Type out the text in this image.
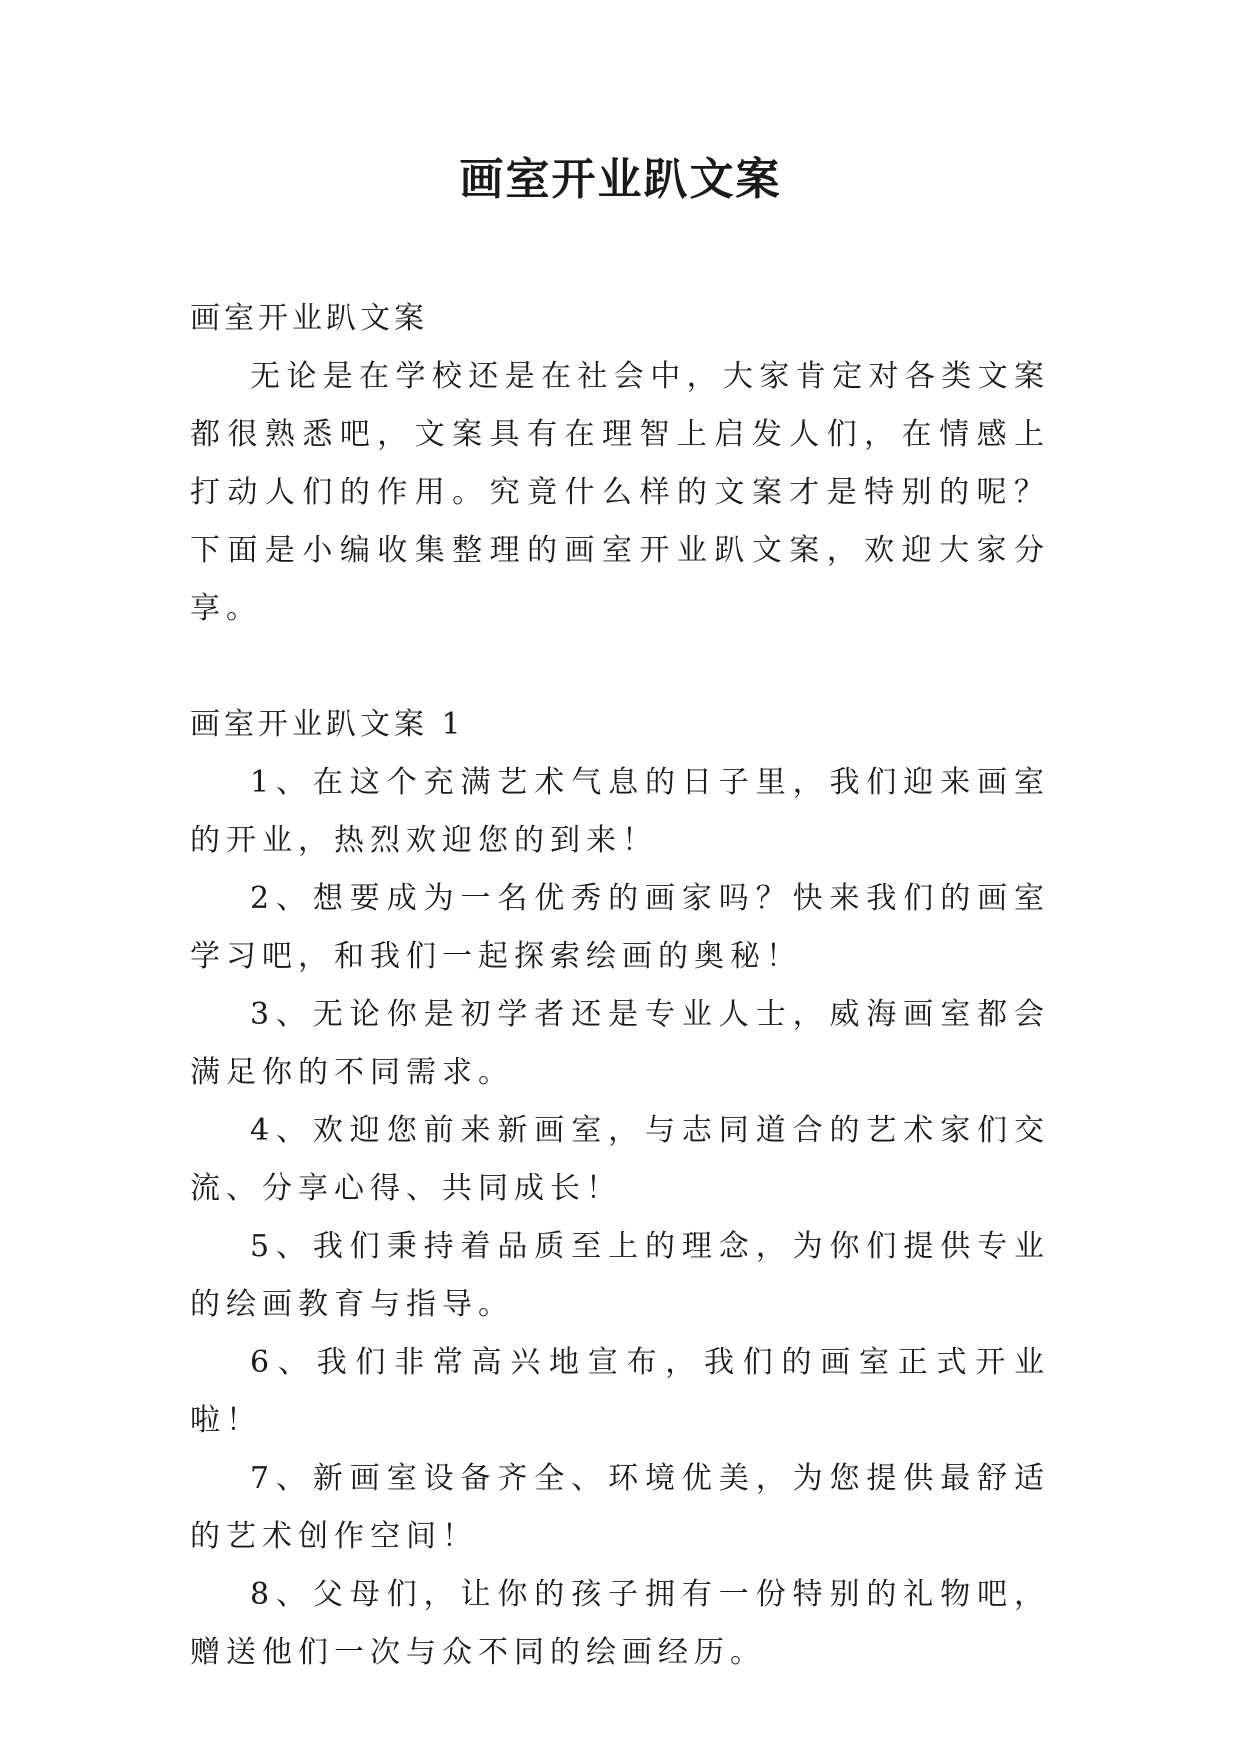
画室开业趴文案

画室开业趴文案

无论是在学校还是在社会中，大家肯定对各类文案都很熟悉吧，文案具有在理智上启发人们，在情感上打动人们的作用。究竟什么样的文案才是特别的呢？下面是小编收集整理的画室开业趴文案，欢迎大家分享。

画室开业趴文案 1

1、在这个充满艺术气息的日子里，我们迎来画室的开业，热烈欢迎您的到来！

2、想要成为一名优秀的画家吗？快来我们的画室学习吧，和我们一起探索绘画的奥秘！

3、无论你是初学者还是专业人士，威海画室都会满足你的不同需求。

4、欢迎您前来新画室，与志同道合的艺术家们交流、分享心得、共同成长！

5、我们秉持着品质至上的理念，为你们提供专业的绘画教育与指导。

6、我们非常高兴地宣布，我们的画室正式开业啦！

7、新画室设备齐全、环境优美，为您提供最舒适的艺术创作空间！

8、父母们，让你的孩子拥有一份特别的礼物吧，赠送他们一次与众不同的绘画经历。
